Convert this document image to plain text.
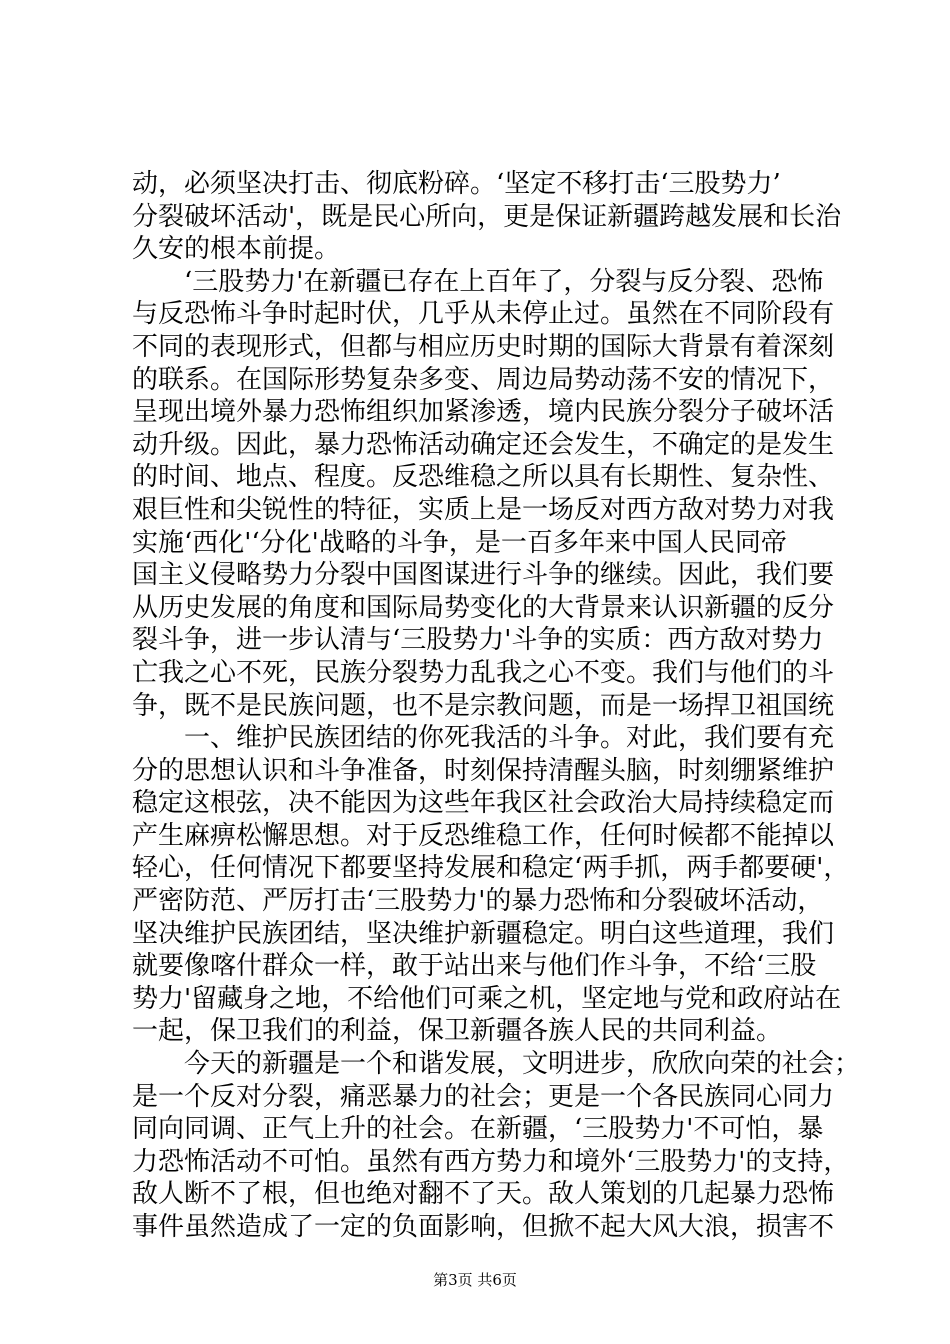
动，必须坚决打击、彻底粉碎。‘坚定不移打击‘三股势力’
分裂破坏活动'，既是民心所向，更是保证新疆跨越发展和长治
久安的根本前提。
　　‘三股势力'在新疆已存在上百年了，分裂与反分裂、恐怖
与反恐怖斗争时起时伏，几乎从未停止过。虽然在不同阶段有
不同的表现形式，但都与相应历史时期的国际大背景有着深刻
的联系。在国际形势复杂多变、周边局势动荡不安的情况下，
呈现出境外暴力恐怖组织加紧渗透，境内民族分裂分子破坏活
动升级。因此，暴力恐怖活动确定还会发生，不确定的是发生
的时间、地点、程度。反恐维稳之所以具有长期性、复杂性、
艰巨性和尖锐性的特征，实质上是一场反对西方敌对势力对我
实施‘西化'‘分化'战略的斗争，是一百多年来中国人民同帝
国主义侵略势力分裂中国图谋进行斗争的继续。因此，我们要
从历史发展的角度和国际局势变化的大背景来认识新疆的反分
裂斗争，进一步认清与‘三股势力'斗争的实质：西方敌对势力
亡我之心不死，民族分裂势力乱我之心不变。我们与他们的斗
争，既不是民族问题，也不是宗教问题，而是一场捍卫祖国统
　　一、维护民族团结的你死我活的斗争。对此，我们要有充
分的思想认识和斗争准备，时刻保持清醒头脑，时刻绷紧维护
稳定这根弦，决不能因为这些年我区社会政治大局持续稳定而
产生麻痹松懈思想。对于反恐维稳工作，任何时候都不能掉以
轻心，任何情况下都要坚持发展和稳定‘两手抓，两手都要硬'，
严密防范、严厉打击‘三股势力'的暴力恐怖和分裂破坏活动，
坚决维护民族团结，坚决维护新疆稳定。明白这些道理，我们
就要像喀什群众一样，敢于站出来与他们作斗争，不给‘三股
势力'留藏身之地，不给他们可乘之机，坚定地与党和政府站在
一起，保卫我们的利益，保卫新疆各族人民的共同利益。
　　今天的新疆是一个和谐发展，文明进步，欣欣向荣的社会；
是一个反对分裂，痛恶暴力的社会；更是一个各民族同心同力
同向同调、正气上升的社会。在新疆，‘三股势力'不可怕，暴
力恐怖活动不可怕。虽然有西方势力和境外‘三股势力'的支持，
敌人断不了根，但也绝对翻不了天。敌人策划的几起暴力恐怖
事件虽然造成了一定的负面影响，但掀不起大风大浪，损害不
第3页 共6页
